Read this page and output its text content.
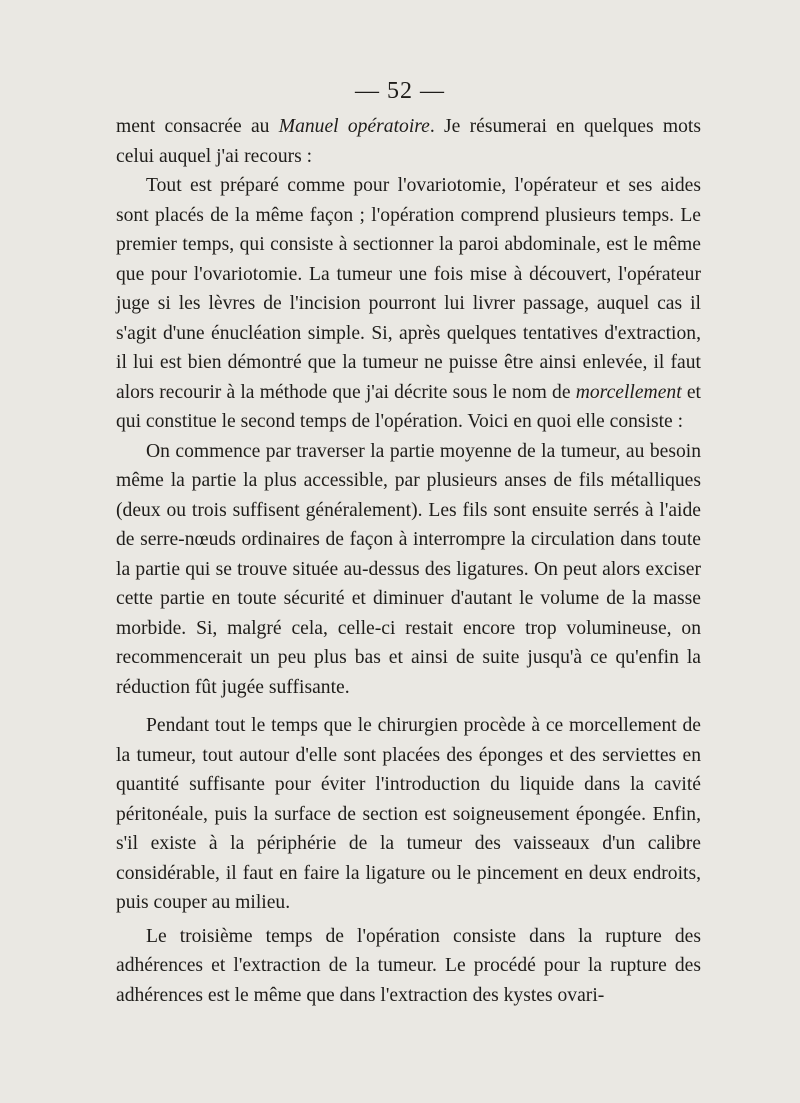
— 52 —

ment consacrée au Manuel opératoire. Je résumerai en quelques mots celui auquel j'ai recours :

Tout est préparé comme pour l'ovariotomie, l'opérateur et ses aides sont placés de la même façon ; l'opération comprend plusieurs temps. Le premier temps, qui consiste à sectionner la paroi abdominale, est le même que pour l'ovariotomie. La tumeur une fois mise à découvert, l'opérateur juge si les lèvres de l'incision pourront lui livrer passage, auquel cas il s'agit d'une énucléation simple. Si, après quelques tentatives d'extraction, il lui est bien démontré que la tumeur ne puisse être ainsi enlevée, il faut alors recourir à la méthode que j'ai décrite sous le nom de morcellement et qui constitue le second temps de l'opération. Voici en quoi elle consiste :

On commence par traverser la partie moyenne de la tumeur, au besoin même la partie la plus accessible, par plusieurs anses de fils métalliques (deux ou trois suffisent généralement). Les fils sont ensuite serrés à l'aide de serre-nœuds ordinaires de façon à interrompre la circulation dans toute la partie qui se trouve située au-dessus des ligatures. On peut alors exciser cette partie en toute sécurité et diminuer d'autant le volume de la masse morbide. Si, malgré cela, celle-ci restait encore trop volumineuse, on recommencerait un peu plus bas et ainsi de suite jusqu'à ce qu'enfin la réduction fût jugée suffisante.

Pendant tout le temps que le chirurgien procède à ce morcellement de la tumeur, tout autour d'elle sont placées des éponges et des serviettes en quantité suffisante pour éviter l'introduction du liquide dans la cavité péritonéale, puis la surface de section est soigneusement épongée. Enfin, s'il existe à la périphérie de la tumeur des vaisseaux d'un calibre considérable, il faut en faire la ligature ou le pincement en deux endroits, puis couper au milieu.

Le troisième temps de l'opération consiste dans la rupture des adhérences et l'extraction de la tumeur. Le procédé pour la rupture des adhérences est le même que dans l'extraction des kystes ovari-
